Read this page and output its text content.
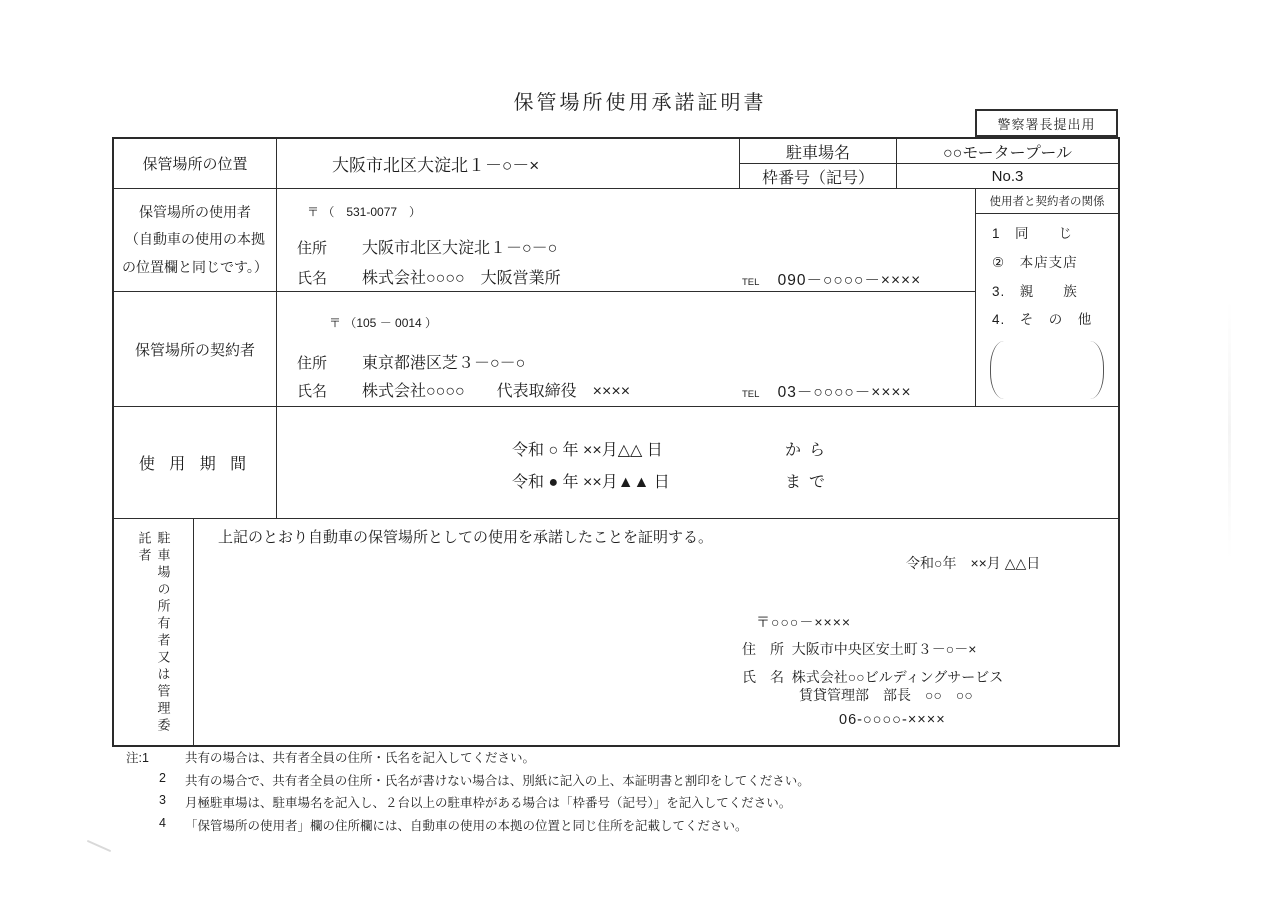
保管場所使用承諾証明書
警察署長提出用
保管場所の位置	大阪市北区大淀北１－○－×
駐車場名	○○モータープール
枠番号（記号）	No.3
保管場所の使用者
（自動車の使用の本拠
の位置欄と同じです。）
〒 （　531-0077　）
住所 大阪市北区大淀北１－○－○
氏名 株式会社○○○○　大阪営業所	TEL 090－○○○○－××××
保管場所の契約者
〒 （105 － 0014 ）
住所 東京都港区芝３－○－○
氏名 株式会社○○○○　　代表取締役　××××	TEL 03－○○○○－××××
使用者と契約者の関係
1　同　　じ
②　本店支店
3.　親　　族
4.　そ　の　他
使 用 期 間
令和 ○ 年 ××月△△ 日	から
令和 ● 年 ××月▲▲ 日	まで
駐車場の所有者又は管理委託者	上記のとおり自動車の保管場所としての使用を承諾したことを証明する。
令和○年　××月 △△日
〒○○○－××××
住　所 大阪市中央区安土町３－○－×
氏　名 株式会社○○ビルディングサービス
賃貸管理部　部長　○○　○○
06-○○○○-××××
注:1	共有の場合は、共有者全員の住所・氏名を記入してください。
2	共有の場合で、共有者全員の住所・氏名が書けない場合は、別紙に記入の上、本証明書と割印をしてください。
3	月極駐車場は、駐車場名を記入し、２台以上の駐車枠がある場合は「枠番号（記号）」を記入してください。
4	「保管場所の使用者」欄の住所欄には、自動車の使用の本拠の位置と同じ住所を記載してください。
